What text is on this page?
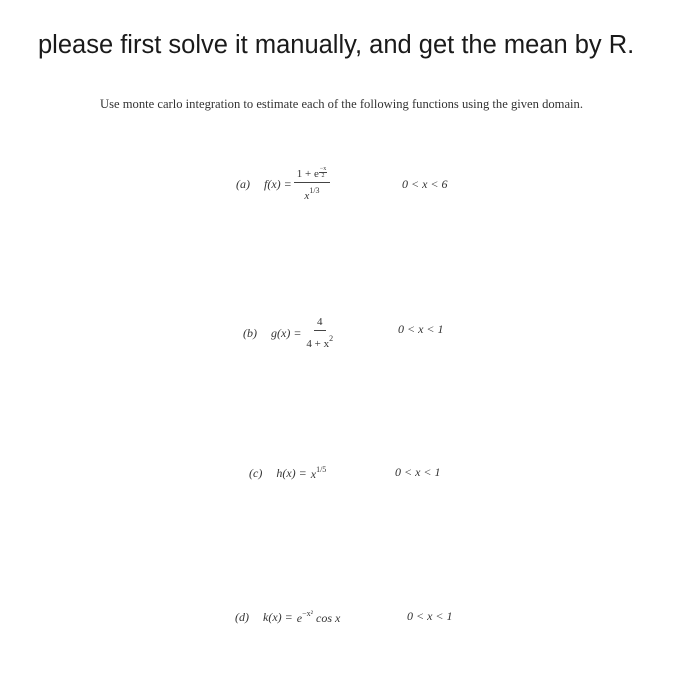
please first solve it manually, and get the mean by R.

Use monte carlo integration to estimate each of the following functions using the given domain.

(a) $f(x) = \frac{1 + e \frac{-x}{2}}{x^{1/3}}$	0 < x < 6
(b) $g(x) = \frac{4}{4 + x^2}$	0 < x < 1
(c) $h(x) = x^{1/5}$	0 < x < 1
(d) $k(x) = e^{-x^2}$ cos x	0 < x < 1
